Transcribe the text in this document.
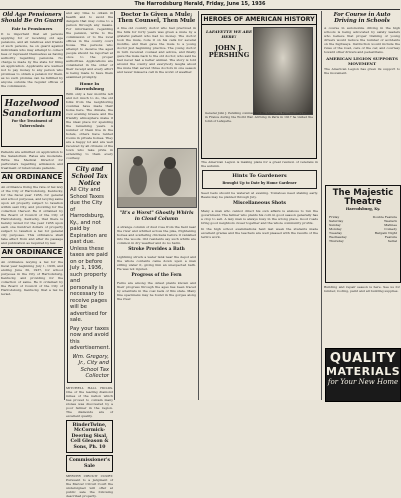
The Harrodsburg Herald, Friday, June 15, 1936
Old Age Pensioners Should Be On Guard
Fair to Pensioners

It is important that all persons applying for or receiving old age pensions, and all relatives and friends of such persons, be on guard against individuals who may attempt to collect fees or represent themselves as having authority regarding pensions. No charge is made by the state for filing an application. Applicants are warned not to pay money to any person who promises to obtain a pension for them, as no such promise can be fulfilled by anyone outside the regular offices of the commission.

Hazelwood Sanatorium
For the Treatment of Tuberculosis

Patients are admitted on application to the Sanatorium. Rates are moderate. Write the Medical Director for particulars regarding admission and treatment of tuberculosis patients.

AN ORDINANCE

An ordinance fixing the rate of tax levy of the City of Harrodsburg, Kentucky, for the fiscal year 1936, for general and school purposes, and levying same upon all property subject to taxation within said City, and providing for the collection thereof. Be it ordained by the Board of Council of the City of Harrodsburg, Kentucky, that there is hereby levied for the year 1936 upon each one hundred dollars of property subject to taxation a tax for general city purposes. This ordinance shall take effect from and after its passage and publication as required by law.

AN ORDINANCE

An ordinance levying a tax for the fiscal year beginning July 1, 1936, and ending June 30, 1937, for school purposes in the City of Harrodsburg, Kentucky, and providing for the collection of same. Be it ordained by the Board of Council of the City of Harrodsburg, Kentucky, that a tax be levied.

and any time to obtain ill health and to avoid the dangers that may come to a person through any means. For information regarding the pension, write to the commission or to the local offices in the county court house. The persons who attempt to deceive the aged people should be reported at once to the proper authorities. Applications are considered in the order of their receipt and every effort is being made to have them examined promptly.

Home In Harrodsburg

With only a few months left and not much to do, the old folks from the neighboring counties have made their home here. The climate, the cool evening breeze and the friendly atmosphere make it the ideal place for spending the remaining years. A number of them live in the hotels, others have rented rooms in private homes. They are a happy lot and are well received by all citizens of the town who take pride in extending to them every courtesy.

City and School Tax Notice
All City and School Taxes due the City of Harrodsburg, Ky., and not paid by Expiration are past due. Unless these taxes are paid on or before July 1, 1936, such property and personally is necessary to receive pages will be advertised for sale.
Pay your taxes now and avoid this advertisement.
Wm. Gregory, Jr., City and School Tax Collector

MITCHELL HALL HOLDS. One of the leading diamond mines of the nation which has proved to contain many stones was discovered by a poor farmer in the region. The diamonds are of excellent quality.

BinderTwine, McCormick-Deering Sisal, Cell Gleason & Sons, Ph. 10
Commissioner's Sale

MERCER CIRCUIT COURT. Pursuant to a judgment of the Mercer Circuit Court the undersigned will offer at public sale the following described property.

Doctor Is Given a Mule; Then Counsel, Then Mule

A fine old country doctor who had practiced in the hills for forty years was given a mule by a grateful patient who had no money. The doctor took the mule, rode it on his calls for several months, and then gave the mule to a young doctor just beginning practice. The young doctor in turn received counsel and advice, and finally gave the mule back to the old doctor, who said he had never had a better animal. The story is told around the county and everybody laughs about the mule that served three doctors in one season and never missed a call in the worst of weather.

"It's a Worst" Ghostly Whirls in Cloud Column

A strange column of dust rose from the field near the river and whirled across the pike, frightening horses and scattering chickens before it vanished into the woods. Old residents say such whirls are common in dry weather and do no harm.

Stroke Provides a Bath

Lightning struck a water tank near the depot and the whole contents came down upon a man sitting under it, giving him an unexpected bath. He was not injured.

Progress of the Fern

Ferns are among the oldest plants known and their progress through the ages has been traced by scientists in the coal beds of this state. Many fine specimens may be found in the gorges along the river.

HEROES OF AMERICAN HISTORY
LAFAYETTE WE ARE HERE!
JOHN J. PERSHING

General John J. Pershing commanded the American Expeditionary Forces in France during the World War. Arriving in Paris in 1917 he visited the tomb of Lafayette.

The American Legion is making plans for a great reunion of veterans in the autumn.

Hints To Gardeners
Brought Up to Date by Home Gardener

Seed beds should be watered at evening. Tomatoes need staking early. Beans may be planted through July.

Miscellaneous Shots

Many a man who cannot direct his own affairs is anxious to run the government. The farmer who plants his corn in good season generally has a crop to sell. A lazy man is always busy in the wrong place. Good roads bring good neighbors closer together and the whole community profits.

In the high school examinations held last week the students made excellent grades and the teachers are well pleased with the results of the term's work.

For Course in Auto Driving in Schools

A course in automobile driving in the high schools is being advocated by safety leaders who believe that proper training of young drivers would reduce the number of accidents on the highways. Instruction would include the rules of the road, care of the car, and courtesy toward other drivers and pedestrians.

AMERICAN LEGION SUPPORTS MOVEMENT

The American Legion has given its support to the movement.

The Majestic Theatre
Harrodsburg, Ky.
Friday	Double Feature
Saturday	Western
Sunday	Matinee
Monday	Comedy
Tuesday	Bargain Night
Wednesday	Feature
Thursday	Serial

Building and repair season is here. See us for lumber, roofing, paint and all building supplies.

QUALITY
MATERIALS
for Your New Home
